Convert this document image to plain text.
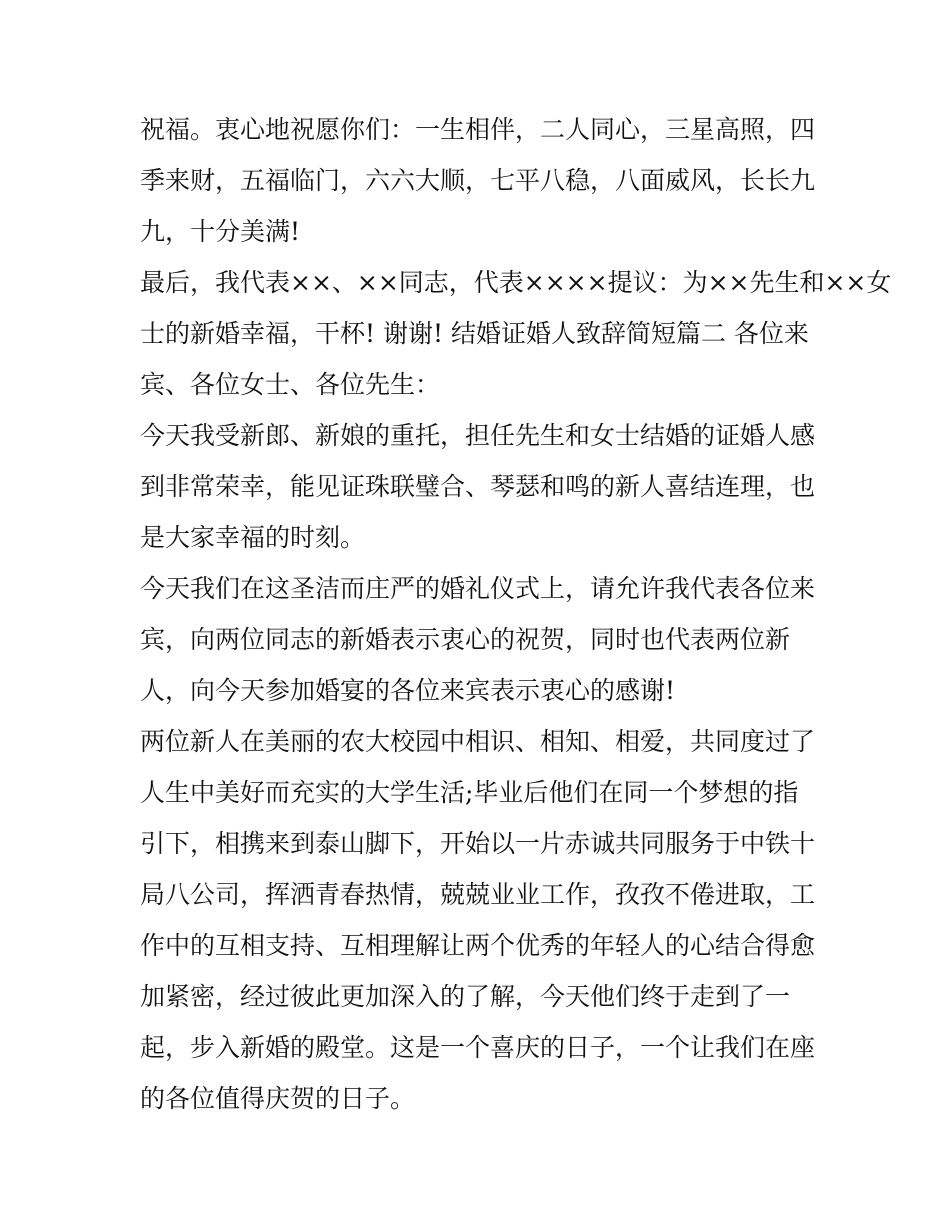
祝福。衷心地祝愿你们：一生相伴，二人同心，三星高照，四
季来财，五福临门，六六大顺，七平八稳，八面威风，长长九
九，十分美满!
最后，我代表××、××同志，代表××××提议：为××先生和××女
士的新婚幸福，干杯! 谢谢! 结婚证婚人致辞简短篇二 各位来
宾、各位女士、各位先生：
今天我受新郎、新娘的重托，担任先生和女士结婚的证婚人感
到非常荣幸，能见证珠联璧合、琴瑟和鸣的新人喜结连理，也
是大家幸福的时刻。
今天我们在这圣洁而庄严的婚礼仪式上，请允许我代表各位来
宾，向两位同志的新婚表示衷心的祝贺，同时也代表两位新
人，向今天参加婚宴的各位来宾表示衷心的感谢!
两位新人在美丽的农大校园中相识、相知、相爱，共同度过了
人生中美好而充实的大学生活;毕业后他们在同一个梦想的指
引下，相携来到泰山脚下，开始以一片赤诚共同服务于中铁十
局八公司，挥洒青春热情，兢兢业业工作，孜孜不倦进取，工
作中的互相支持、互相理解让两个优秀的年轻人的心结合得愈
加紧密，经过彼此更加深入的了解，今天他们终于走到了一
起，步入新婚的殿堂。这是一个喜庆的日子，一个让我们在座
的各位值得庆贺的日子。
